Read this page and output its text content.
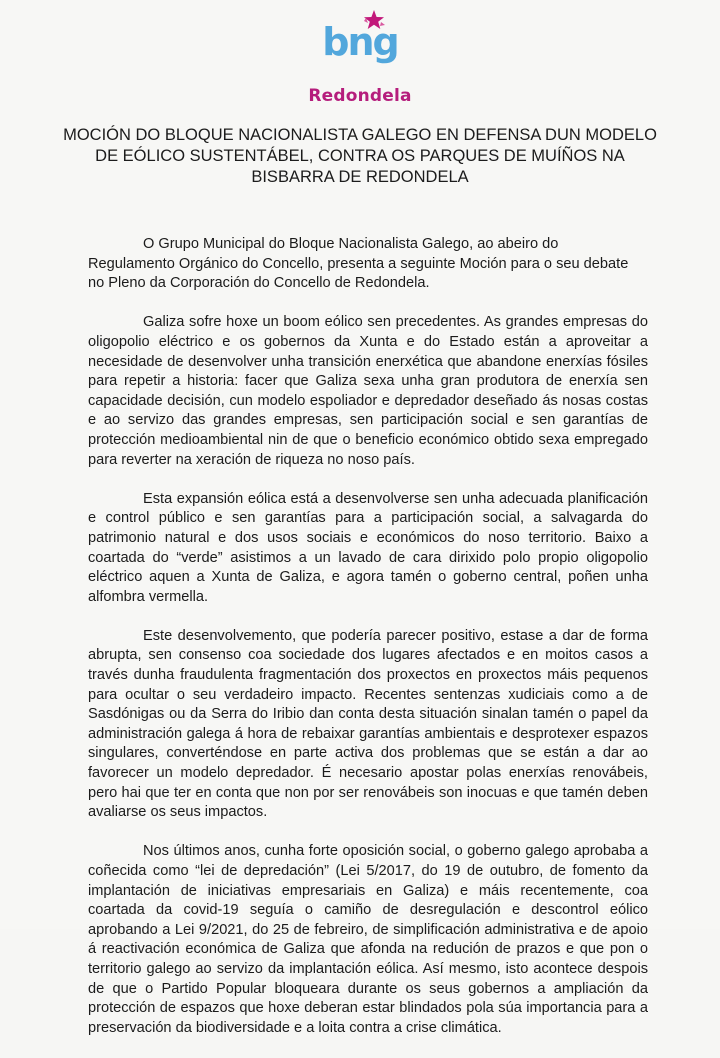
bng
Redondela
MOCIÓN DO BLOQUE NACIONALISTA GALEGO EN DEFENSA DUN MODELO DE EÓLICO SUSTENTÁBEL, CONTRA OS PARQUES DE MUÍÑOS NA BISBARRA DE REDONDELA

O Grupo Municipal do Bloque Nacionalista Galego, ao abeiro do Regulamento Orgánico do Concello, presenta a seguinte Moción para o seu debate no Pleno da Corporación do Concello de Redondela.

Galiza sofre hoxe un boom eólico sen precedentes. As grandes empresas do oligopolio eléctrico e os gobernos da Xunta e do Estado están a aproveitar a necesidade de desenvolver unha transición enerxética que abandone enerxías fósiles para repetir a historia: facer que Galiza sexa unha gran produtora de enerxía sen capacidade decisión, cun modelo espoliador e depredador deseñado ás nosas costas e ao servizo das grandes empresas, sen participación social e sen garantías de protección medioambiental nin de que o beneficio económico obtido sexa empregado para reverter na xeración de riqueza no noso país.

Esta expansión eólica está a desenvolverse sen unha adecuada planificación e control público e sen garantías para a participación social, a salvagarda do patrimonio natural e dos usos sociais e económicos do noso territorio. Baixo a coartada do “verde” asistimos a un lavado de cara dirixido polo propio oligopolio eléctrico aquen a Xunta de Galiza, e agora tamén o goberno central, poñen unha alfombra vermella.

Este desenvolvemento, que podería parecer positivo, estase a dar de forma abrupta, sen consenso coa sociedade dos lugares afectados e en moitos casos a través dunha fraudulenta fragmentación dos proxectos en proxectos máis pequenos para ocultar o seu verdadeiro impacto. Recentes sentenzas xudiciais como a de Sasdónigas ou da Serra do Iribio dan conta desta situación sinalan tamén o papel da administración galega á hora de rebaixar garantías ambientais e desprotexer espazos singulares, converténdose en parte activa dos problemas que se están a dar ao favorecer un modelo depredador. É necesario apostar polas enerxías renovábeis, pero hai que ter en conta que non por ser renovábeis son inocuas e que tamén deben avaliarse os seus impactos.

Nos últimos anos, cunha forte oposición social, o goberno galego aprobaba a coñecida como “lei de depredación” (Lei 5/2017, do 19 de outubro, de fomento da implantación de iniciativas empresariais en Galiza) e máis recentemente, coa coartada da covid-19 seguía o camiño de desregulación e descontrol eólico aprobando a Lei 9/2021, do 25 de febreiro, de simplificación administrativa e de apoio á reactivación económica de Galiza que afonda na redución de prazos e que pon o territorio galego ao servizo da implantación eólica. Así mesmo, isto acontece despois de que o Partido Popular bloqueara durante os seus gobernos a ampliación da protección de espazos que hoxe deberan estar blindados pola súa importancia para a preservación da biodiversidade e a loita contra a crise climática.
